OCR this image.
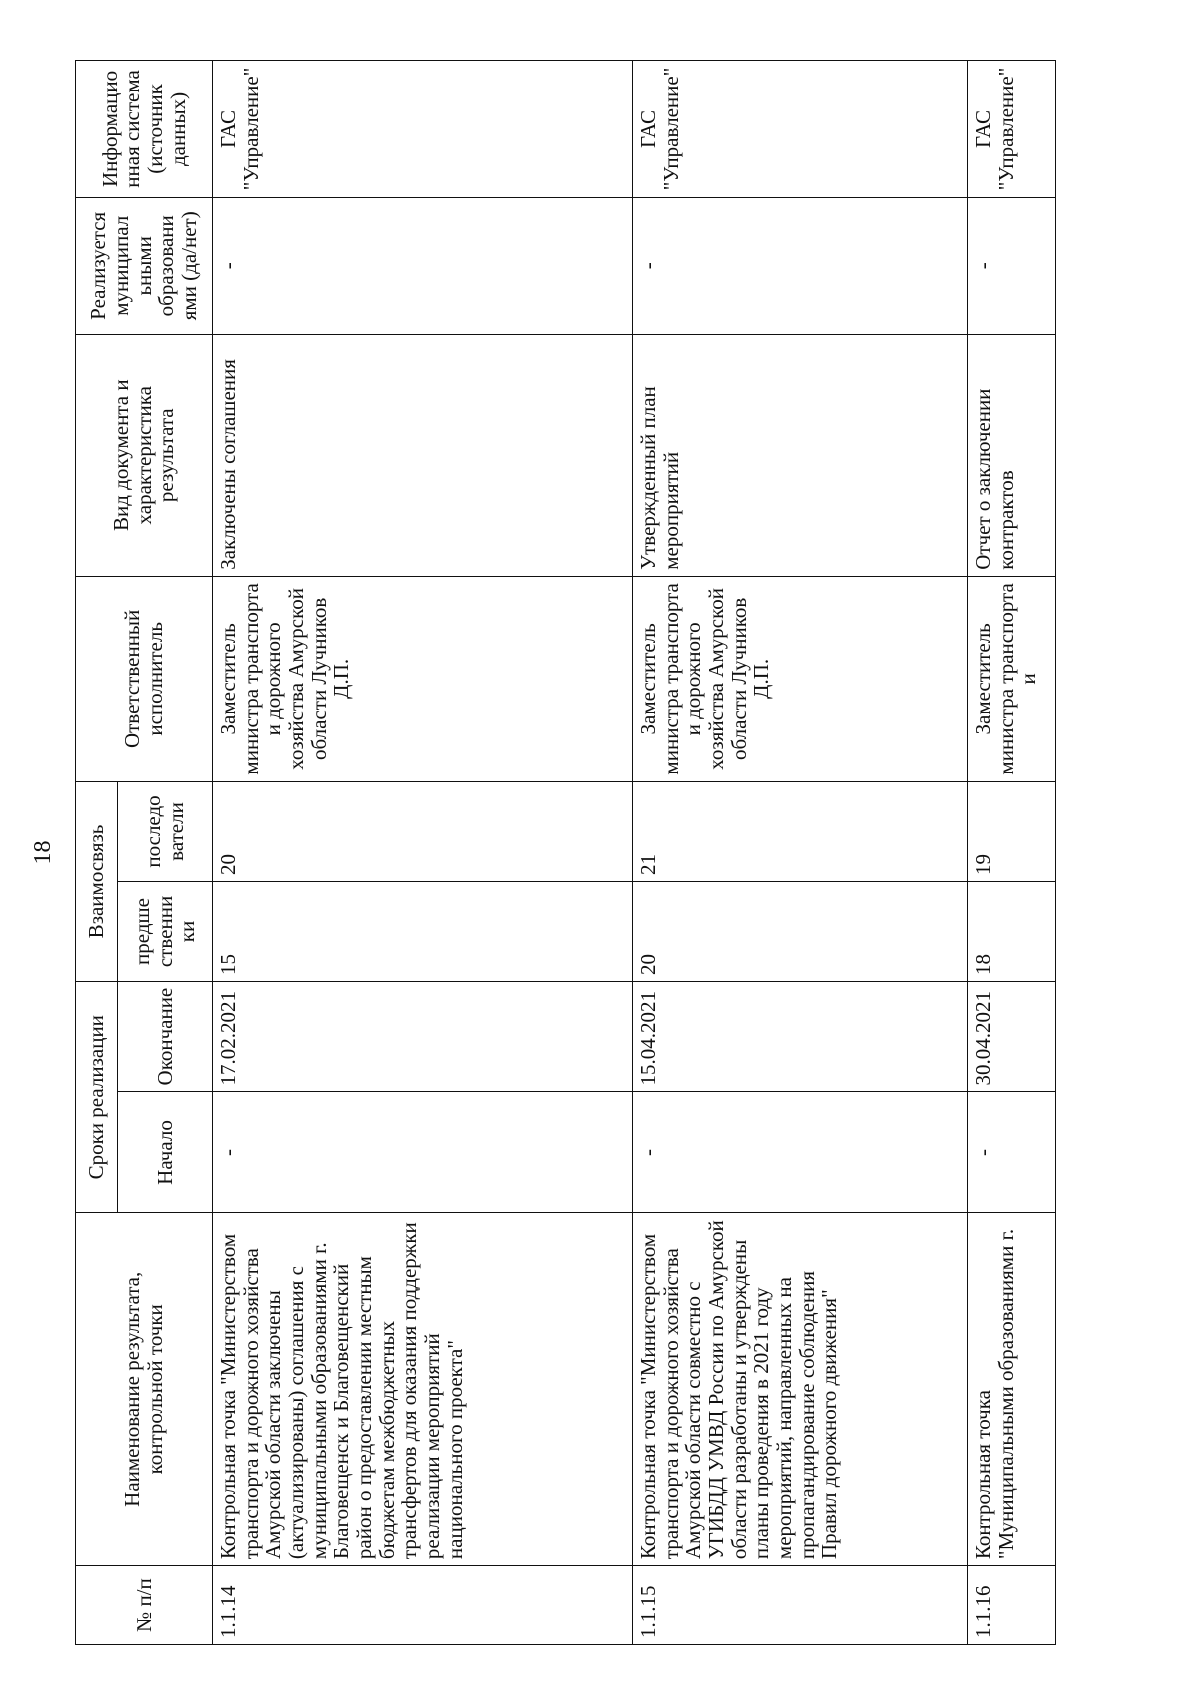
18
№ п/п	Наименование результата, контрольной точки	Сроки реализации		Взаимосвязь		Ответственный исполнитель	Вид документа и характеристика результата	Реализуется муниципал ьными образовани ями (да/нет)	Информацио нная система (источник данных)
		Начало	Окончание	предше ственни ки	последо ватели				
1.1.14	Контрольная точка "Министерством транспорта и дорожного хозяйства Амурской области заключены (актуализированы) соглашения с муниципальными образованиями г. Благовещенск и Благовещенский район о предоставлении местным бюджетам межбюджетных трансфертов для оказания поддержки реализации мероприятий национального проекта"	-	17.02.2021	15	20	Заместитель министра транспорта и дорожного хозяйства Амурской области Лучников Д.П.	Заключены соглашения	-	ГАС "Управление"
1.1.15	Контрольная точка "Министерством транспорта и дорожного хозяйства Амурской области совместно с УГИБДД УМВД России по Амурской области разработаны и утверждены планы проведения в 2021 году мероприятий, направленных на пропагандирование соблюдения Правил дорожного движения"	-	15.04.2021	20	21	Заместитель министра транспорта и дорожного хозяйства Амурской области Лучников Д.П.	Утвержденный план мероприятий	-	ГАС "Управление"
1.1.16	Контрольная точка "Муниципальными образованиями г.	-	30.04.2021	18	19	Заместитель министра транспорта и	Отчет о заключении контрактов	-	ГАС "Управление"
